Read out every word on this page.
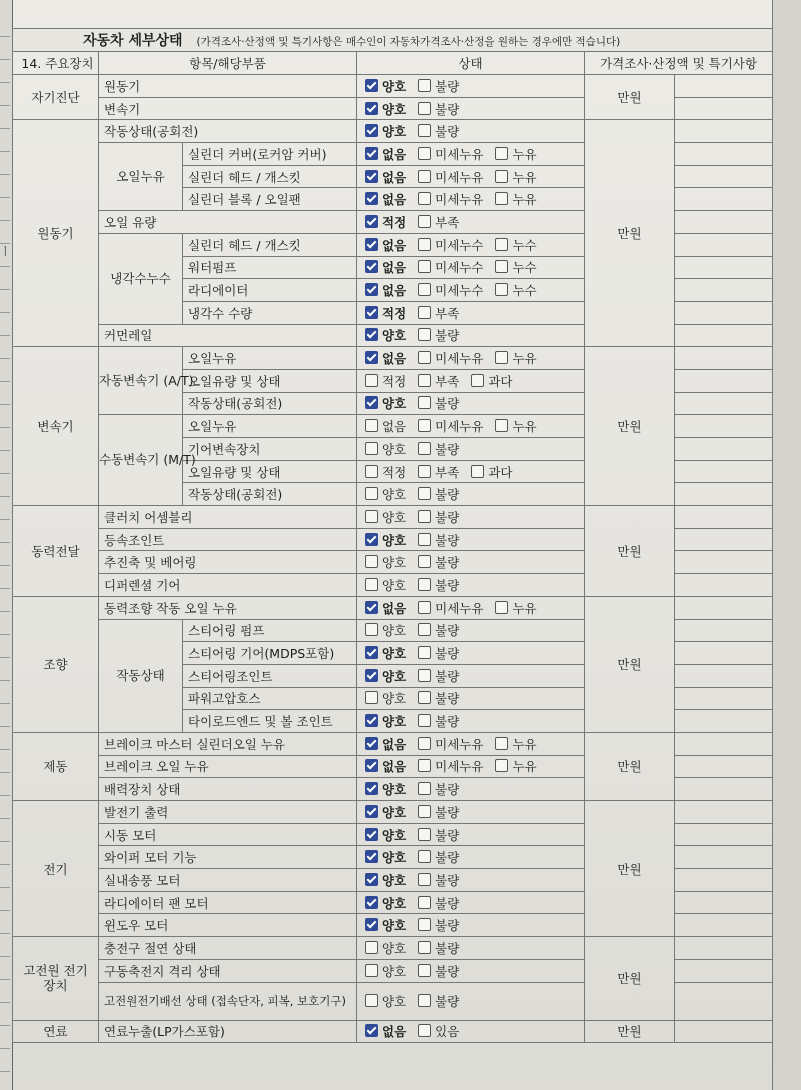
ㅣ
자동차 세부상태 (가격조사·산정액 및 특기사항은 매수인이 자동차가격조사·산정을 원하는 경우에만 적습니다)					
14. 주요장치	항목/해당부품		상태	가격조사·산정액 및 특기사항	
자기진단	원동기		양호 불량	만원	
	변속기		양호 불량		
원동기	작동상태(공회전)		양호 불량	만원	
	오일누유	실린더 커버(로커암 커버)	없음 미세누유 누유		
		실린더 헤드 / 개스킷	없음 미세누유 누유		
		실린더 블록 / 오일팬	없음 미세누유 누유		
	오일 유량		적정 부족		
	냉각수누수	실린더 헤드 / 개스킷	없음 미세누수 누수		
		워터펌프	없음 미세누수 누수		
		라디에이터	없음 미세누수 누수		
		냉각수 수량	적정 부족		
	커먼레일		양호 불량		
변속기	자동변속기 (A/T)	오일누유	없음 미세누유 누유	만원	
		오일유량 및 상태	적정 부족 과다		
		작동상태(공회전)	양호 불량		
	수동변속기 (M/T)	오일누유	없음 미세누유 누유		
		기어변속장치	양호 불량		
		오일유량 및 상태	적정 부족 과다		
		작동상태(공회전)	양호 불량		
동력전달	클러치 어셈블리		양호 불량	만원	
	등속조인트		양호 불량		
	추진축 및 베어링		양호 불량		
	디퍼렌셜 기어		양호 불량		
조향	동력조향 작동 오일 누유		없음 미세누유 누유	만원	
	작동상태	스티어링 펌프	양호 불량		
		스티어링 기어(MDPS포함)	양호 불량		
		스티어링조인트	양호 불량		
		파워고압호스	양호 불량		
		타이로드엔드 및 볼 조인트	양호 불량		
제동	브레이크 마스터 실린더오일 누유		없음 미세누유 누유	만원	
	브레이크 오일 누유		없음 미세누유 누유		
	배력장치 상태		양호 불량		
전기	발전기 출력		양호 불량	만원	
	시동 모터		양호 불량		
	와이퍼 모터 기능		양호 불량		
	실내송풍 모터		양호 불량		
	라디에이터 팬 모터		양호 불량		
	윈도우 모터		양호 불량		
고전원 전기장치	충전구 절연 상태		양호 불량	만원	
	구동축전지 격리 상태		양호 불량		
	고전원전기배선 상태 (접속단자, 피복, 보호기구)		양호 불량		
연료	연료누출(LP가스포함)		없음 있음	만원	
